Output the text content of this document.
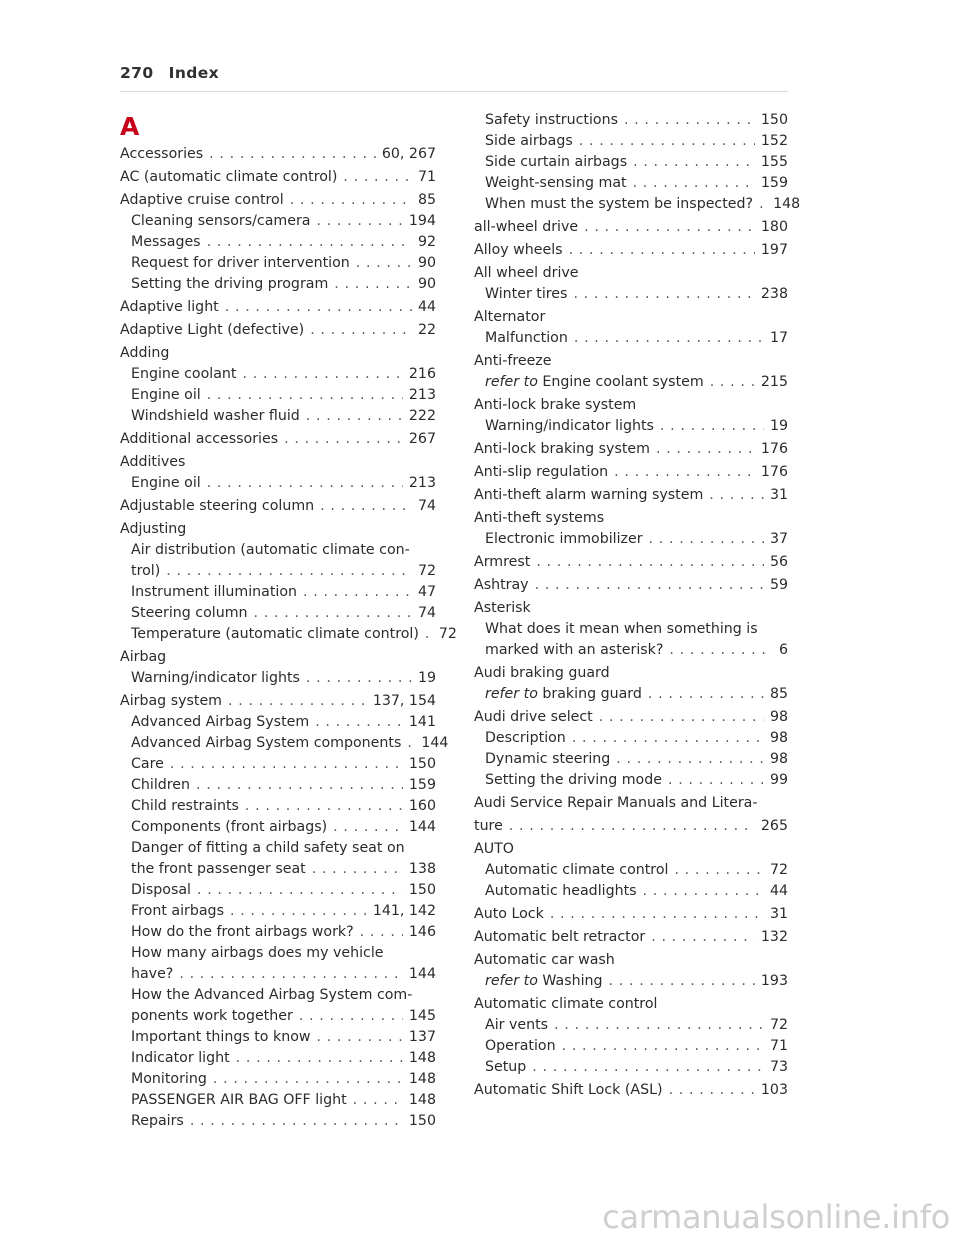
270 Index
A
Accessories . . .	60, 267
AC (automatic climate control) . . .	71
Adaptive cruise control . . .	85
Cleaning sensors/camera . . .	194
Messages . . .	92
Request for driver intervention . . .	90
Setting the driving program . . .	90
Adaptive light . . .	44
Adaptive Light (defective) . . .	22
Adding
Engine coolant . . .	216
Engine oil . . .	213
Windshield washer fluid . . .	222
Additional accessories . . .	267
Additives
Engine oil . . .	213
Adjustable steering column . . .	74
Adjusting
Air distribution (automatic climate con-
trol) . . .	72
Instrument illumination . . .	47
Steering column . . .	74
Temperature (automatic climate control) . . . 72
Airbag
Warning/indicator lights . . .	19
Airbag system . . .	137, 154
Advanced Airbag System . . .	141
Advanced Airbag System components . . . 144
Care . . .	150
Children . . .	159
Child restraints . . .	160
Components (front airbags) . . .	144
Danger of fitting a child safety seat on
the front passenger seat . . .	138
Disposal . . .	150
Front airbags . . .	141, 142
How do the front airbags work? . . .	146
How many airbags does my vehicle
have? . . .	144
How the Advanced Airbag System com-
ponents work together . . .	145
Important things to know . . .	137
Indicator light . . .	148
Monitoring . . .	148
PASSENGER AIR BAG OFF light . . .	148
Repairs . . .	150
Safety instructions . . .	150
Side airbags . . .	152
Side curtain airbags . . .	155
Weight-sensing mat . . .	159
When must the system be inspected? . . . 148
all-wheel drive . . .	180
Alloy wheels . . .	197
All wheel drive
Winter tires . . .	238
Alternator
Malfunction . . .	17
Anti-freeze
refer to Engine coolant system . . .	215
Anti-lock brake system
Warning/indicator lights . . .	19
Anti-lock braking system . . .	176
Anti-slip regulation . . .	176
Anti-theft alarm warning system . . .	31
Anti-theft systems
Electronic immobilizer . . .	37
Armrest . . .	56
Ashtray . . .	59
Asterisk
What does it mean when something is
marked with an asterisk? . . .	6
Audi braking guard
refer to braking guard . . .	85
Audi drive select . . .	98
Description . . .	98
Dynamic steering . . .	98
Setting the driving mode . . .	99
Audi Service Repair Manuals and Litera-
ture . . .	265
AUTO
Automatic climate control . . .	72
Automatic headlights . . .	44
Auto Lock . . .	31
Automatic belt retractor . . .	132
Automatic car wash
refer to Washing . . .	193
Automatic climate control
Air vents . . .	72
Operation . . .	71
Setup . . .	73
Automatic Shift Lock (ASL) . . .	103
carmanualsonline.info
